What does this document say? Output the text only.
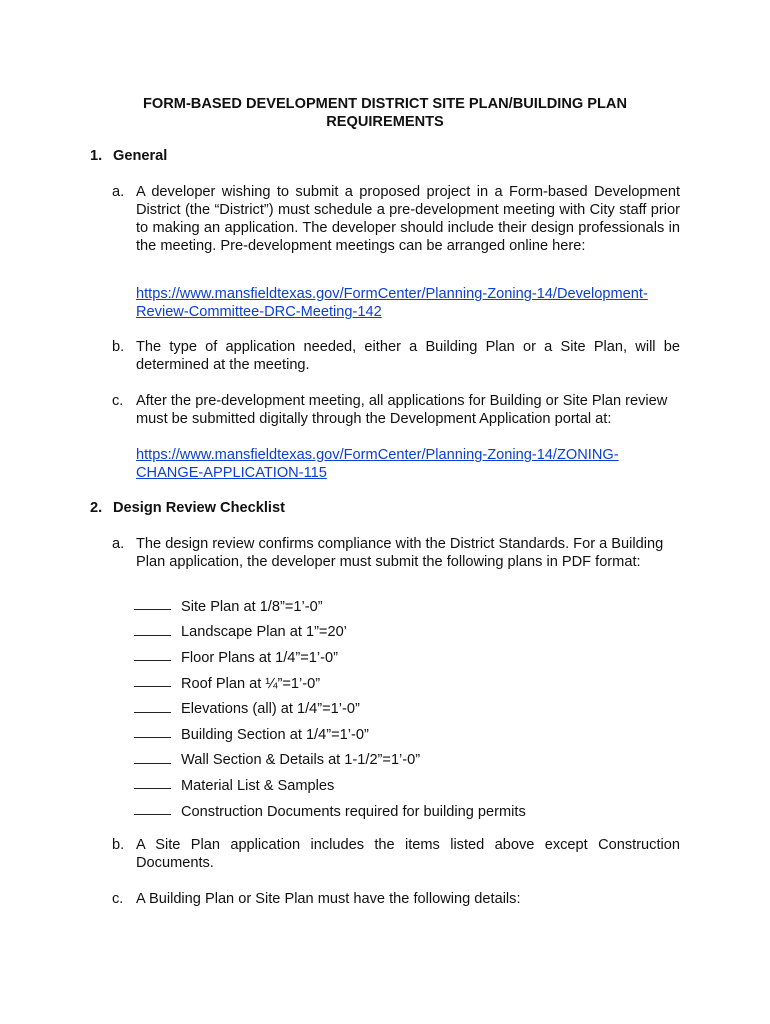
FORM-BASED DEVELOPMENT DISTRICT SITE PLAN/BUILDING PLAN
REQUIREMENTS
1. General
a. A developer wishing to submit a proposed project in a Form-based Development District (the “District”) must schedule a pre-development meeting with City staff prior to making an application. The developer should include their design professionals in the meeting. Pre-development meetings can be arranged online here:
https://www.mansfieldtexas.gov/FormCenter/Planning-Zoning-14/Development-Review-Committee-DRC-Meeting-142
b. The type of application needed, either a Building Plan or a Site Plan, will be determined at the meeting.
c. After the pre-development meeting, all applications for Building or Site Plan review must be submitted digitally through the Development Application portal at:
https://www.mansfieldtexas.gov/FormCenter/Planning-Zoning-14/ZONING-CHANGE-APPLICATION-115
2. Design Review Checklist
a. The design review confirms compliance with the District Standards. For a Building Plan application, the developer must submit the following plans in PDF format:
Site Plan at 1/8”=1’-0”
Landscape Plan at 1”=20’
Floor Plans at 1/4”=1’-0”
Roof Plan at ¼”=1’-0”
Elevations (all) at 1/4”=1’-0”
Building Section at 1/4”=1’-0”
Wall Section & Details at 1-1/2”=1’-0”
Material List & Samples
Construction Documents required for building permits
b. A Site Plan application includes the items listed above except Construction Documents.
c. A Building Plan or Site Plan must have the following details:
